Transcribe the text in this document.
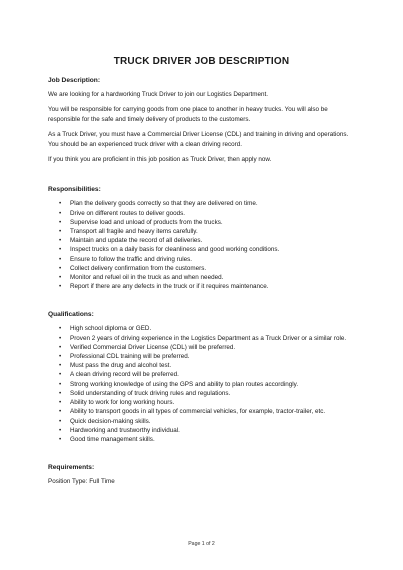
TRUCK DRIVER JOB DESCRIPTION
Job Description:

We are looking for a hardworking Truck Driver to join our Logistics Department.

You will be responsible for carrying goods from one place to another in heavy trucks. You will also be responsible for the safe and timely delivery of products to the customers.

As a Truck Driver, you must have a Commercial Driver License (CDL) and training in driving and operations. You should be an experienced truck driver with a clean driving record.

If you think you are proficient in this job position as Truck Driver, then apply now.

Responsibilities:
• Plan the delivery goods correctly so that they are delivered on time.
• Drive on different routes to deliver goods.
• Supervise load and unload of products from the trucks.
• Transport all fragile and heavy items carefully.
• Maintain and update the record of all deliveries.
• Inspect trucks on a daily basis for cleanliness and good working conditions.
• Ensure to follow the traffic and driving rules.
• Collect delivery confirmation from the customers.
• Monitor and refuel oil in the truck as and when needed.
• Report if there are any defects in the truck or if it requires maintenance.
Qualifications:
• High school diploma or GED.
• Proven 2 years of driving experience in the Logistics Department as a Truck Driver or a similar role.
• Verified Commercial Driver License (CDL) will be preferred.
• Professional CDL training will be preferred.
• Must pass the drug and alcohol test.
• A clean driving record will be preferred.
• Strong working knowledge of using the GPS and ability to plan routes accordingly.
• Solid understanding of truck driving rules and regulations.
• Ability to work for long working hours.
• Ability to transport goods in all types of commercial vehicles, for example, tractor-trailer, etc.
• Quick decision-making skills.
• Hardworking and trustworthy individual.
• Good time management skills.
Requirements:

Position Type: Full Time

Page 1 of 2
